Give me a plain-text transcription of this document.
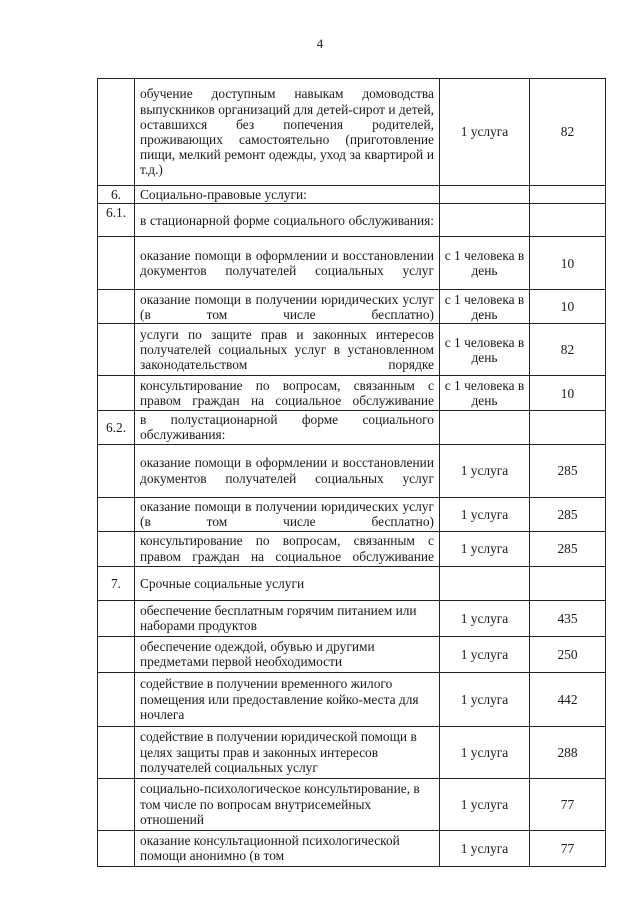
4
	обучение доступным навыкам домоводства выпускников организаций для детей-сирот и детей, оставшихся без попечения родителей, проживающих самостоятельно (приготовление пищи, мелкий ремонт одежды, уход за квартирой и т.д.)	1 услуга	82
6.	Социально-правовые услуги:		
6.1.	в стационарной форме социального обслуживания:		
	оказание помощи в оформлении и восстановлении документов получателей социальных услуг	с 1 человека в день	10
	оказание помощи в получении юридических услуг (в том числе бесплатно)	с 1 человека в день	10
	услуги по защите прав и законных интересов получателей социальных услуг в установленном законодательством порядке	с 1 человека в день	82
	консультирование по вопросам, связанным с правом граждан на социальное обслуживание	с 1 человека в день	10
6.2.	в полустационарной форме социального обслуживания:		
	оказание помощи в оформлении и восстановлении документов получателей социальных услуг	1 услуга	285
	оказание помощи в получении юридических услуг (в том числе бесплатно)	1 услуга	285
	консультирование по вопросам, связанным с правом граждан на социальное обслуживание	1 услуга	285
7.	Срочные социальные услуги		
	обеспечение бесплатным горячим питанием или наборами продуктов	1 услуга	435
	обеспечение одеждой, обувью и другими предметами первой необходимости	1 услуга	250
	содействие в получении временного жилого помещения или предоставление койко-места для ночлега	1 услуга	442
	содействие в получении юридической помощи в целях защиты прав и законных интересов получателей социальных услуг	1 услуга	288
	социально-психологическое консультирование, в том числе по вопросам внутрисемейных отношений	1 услуга	77
	оказание консультационной психологической помощи анонимно (в том	1 услуга	77
